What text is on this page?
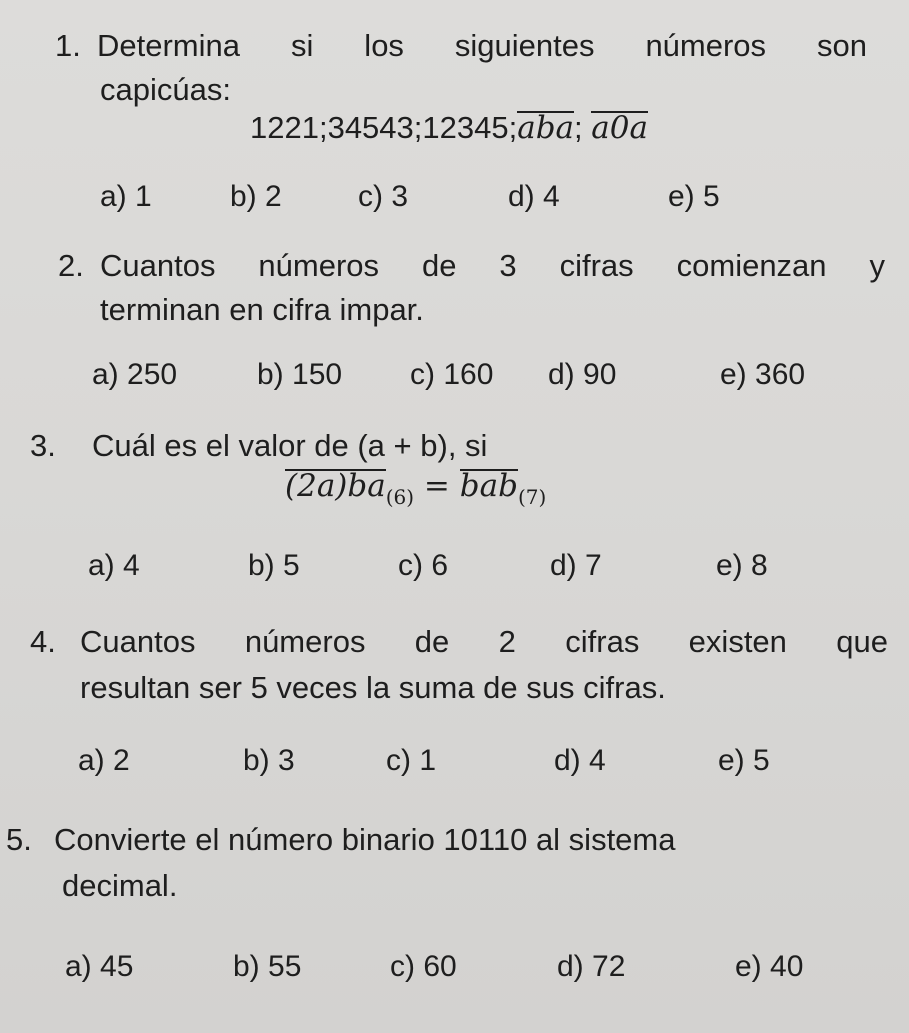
1. Determina si los siguientes números son
capicúas:
1221;34543;12345;aba; a0a
a) 1	b) 2	c) 3	d) 4	e) 5
2. Cuantos números de 3 cifras comienzan y
terminan en cifra impar.
a) 250	b) 150 c) 160 d) 90	e) 360
3. Cuál es el valor de (a + b), si
$(2a)ba_{(6)} = bab_{(7)}$
a) 4	b) 5	c) 6	d) 7	e) 8
4. Cuantos números de 2 cifras existen que
resultan ser 5 veces la suma de sus cifras.
a) 2	b) 3	c) 1	d) 4	e) 5
5. Convierte el número binario 10110 al sistema
decimal.
a) 45	b) 55	c) 60	d) 72	e) 40
